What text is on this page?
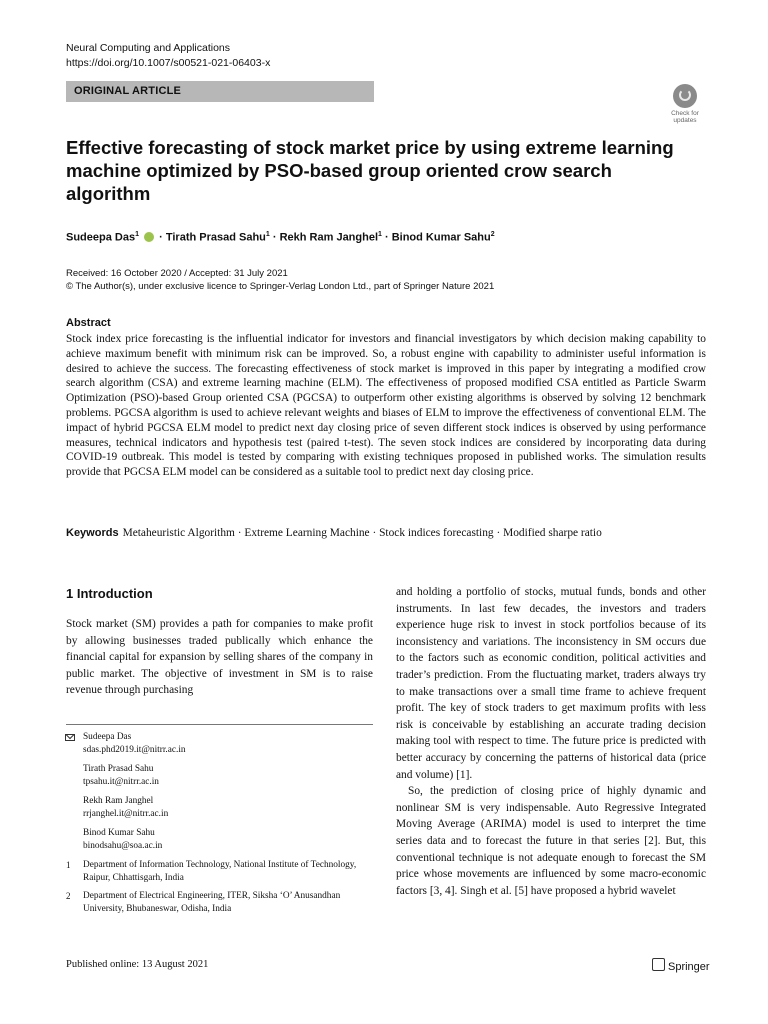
Neural Computing and Applications
https://doi.org/10.1007/s00521-021-06403-x
ORIGINAL ARTICLE
Check for updates
Effective forecasting of stock market price by using extreme learning machine optimized by PSO-based group oriented crow search algorithm
Sudeepa Das$^1$  · Tirath Prasad Sahu$^1$ · Rekh Ram Janghel$^1$ · Binod Kumar Sahu$^2$
Received: 16 October 2020 / Accepted: 31 July 2021
© The Author(s), under exclusive licence to Springer-Verlag London Ltd., part of Springer Nature 2021
Abstract
Stock index price forecasting is the influential indicator for investors and financial investigators by which decision making capability to achieve maximum benefit with minimum risk can be improved. So, a robust engine with capability to administer useful information is desired to achieve the success. The forecasting effectiveness of stock market is improved in this paper by integrating a modified crow search algorithm (CSA) and extreme learning machine (ELM). The effectiveness of proposed modified CSA entitled as Particle Swarm Optimization (PSO)-based Group oriented CSA (PGCSA) to outperform other existing algorithms is observed by solving 12 benchmark problems. PGCSA algorithm is used to achieve relevant weights and biases of ELM to improve the effectiveness of conventional ELM. The impact of hybrid PGCSA ELM model to predict next day closing price of seven different stock indices is observed by using performance measures, technical indicators and hypothesis test (paired t-test). The seven stock indices are considered by incorporating data during COVID-19 outbreak. This model is tested by comparing with existing techniques proposed in published works. The simulation results provide that PGCSA ELM model can be considered as a suitable tool to predict next day closing price.
Keywords Metaheuristic Algorithm · Extreme Learning Machine · Stock indices forecasting · Modified sharpe ratio
1 Introduction
Stock market (SM) provides a path for companies to make profit by allowing businesses traded publically which enhance the financial capital for expansion by selling shares of the company in public market. The objective of investment in SM is to raise revenue through purchasing

and holding a portfolio of stocks, mutual funds, bonds and other instruments. In last few decades, the investors and traders experience huge risk to invest in stock portfolios because of its inconsistency and variations. The inconsistency in SM occurs due to the factors such as economic condition, political activities and trader’s prediction. From the fluctuating market, traders always try to make transactions over a small time frame to achieve frequent profit. The key of stock traders to get maximum profits with less risk is conceivable by establishing an accurate trading decision making tool with respect to time. The future price is predicted with better accuracy by concerning the patterns of historical data (price and volume) [1].

So, the prediction of closing price of highly dynamic and nonlinear SM is very indispensable. Auto Regressive Integrated Moving Average (ARIMA) model is used to interpret the time series data and to forecast the future in that series [2]. But, this conventional technique is not adequate enough to forecast the SM price whose movements are influenced by some macro-economic factors [3, 4]. Singh et al. [5] have proposed a hybrid wavelet

Sudeepa Das
sdas.phd2019.it@nitrr.ac.in
Tirath Prasad Sahu
tpsahu.it@nitrr.ac.in
Rekh Ram Janghel
rrjanghel.it@nitrr.ac.in
Binod Kumar Sahu
binodsahu@soa.ac.in
1 Department of Information Technology, National Institute of Technology, Raipur, Chhattisgarh, India
2 Department of Electrical Engineering, ITER, Siksha ‘O’ Anusandhan University, Bhubaneswar, Odisha, India
Published online: 13 August 2021	Springer
